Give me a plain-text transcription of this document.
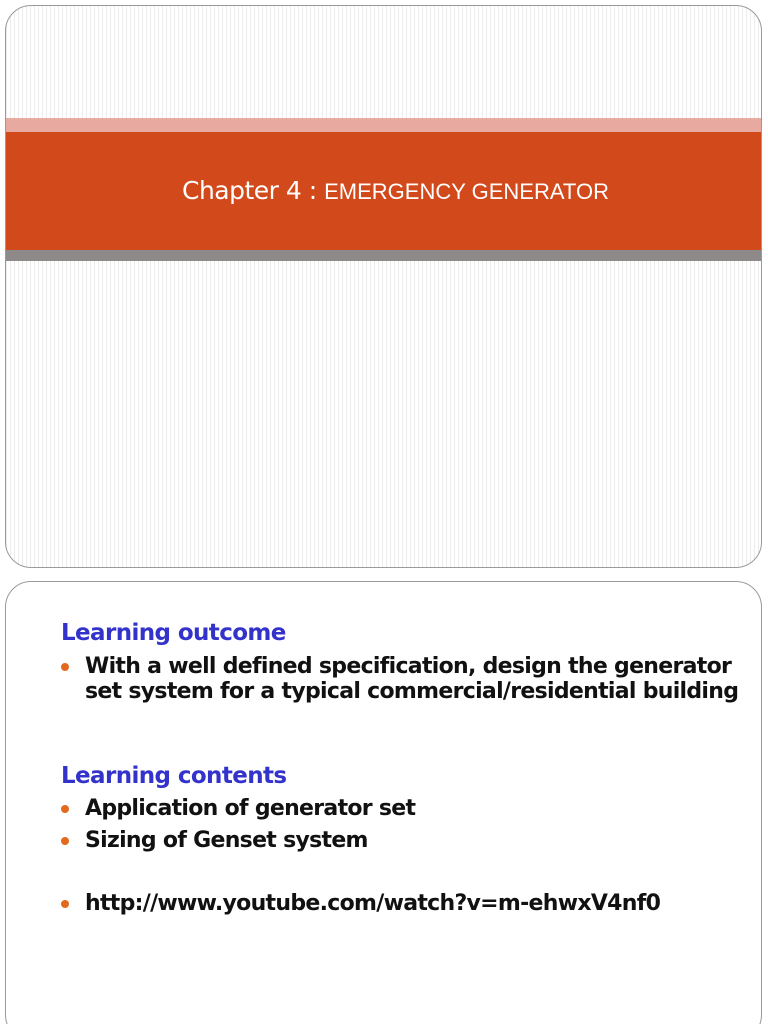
Chapter 4 : EMERGENCY GENERATOR
Learning outcome
With a well defined specification, design the generator set system for a typical commercial/residential building
Learning contents
Application of generator set
Sizing of Genset system
http://www.youtube.com/watch?v=m-ehwxV4nf0
